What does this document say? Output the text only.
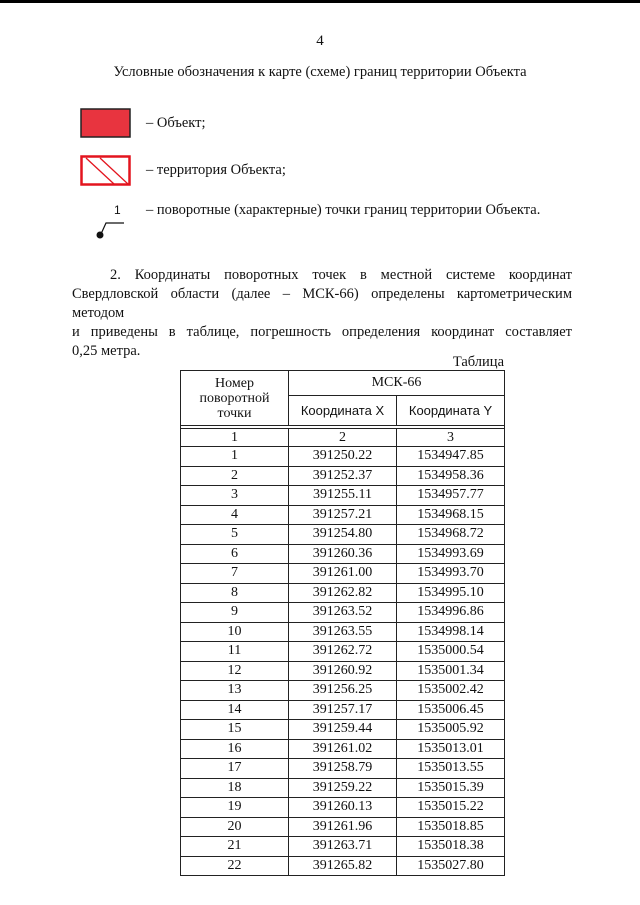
4
Условные обозначения к карте (схеме) границ территории Объекта
– Объект;
– территория Объекта;
1 – поворотные (характерные) точки границ территории Объекта.
2. Координаты поворотных точек в местной системе координат
Свердловской области (далее – МСК-66) определены картометрическим методом
и приведены в таблице, погрешность определения координат составляет
0,25 метра.
Таблица
Номер поворотной точки	МСК-66	
	Координата X	Координата Y

1	2	3
1	391250.22	1534947.85
2	391252.37	1534958.36
3	391255.11	1534957.77
4	391257.21	1534968.15
5	391254.80	1534968.72
6	391260.36	1534993.69
7	391261.00	1534993.70
8	391262.82	1534995.10
9	391263.52	1534996.86
10	391263.55	1534998.14
11	391262.72	1535000.54
12	391260.92	1535001.34
13	391256.25	1535002.42
14	391257.17	1535006.45
15	391259.44	1535005.92
16	391261.02	1535013.01
17	391258.79	1535013.55
18	391259.22	1535015.39
19	391260.13	1535015.22
20	391261.96	1535018.85
21	391263.71	1535018.38
22	391265.82	1535027.80
